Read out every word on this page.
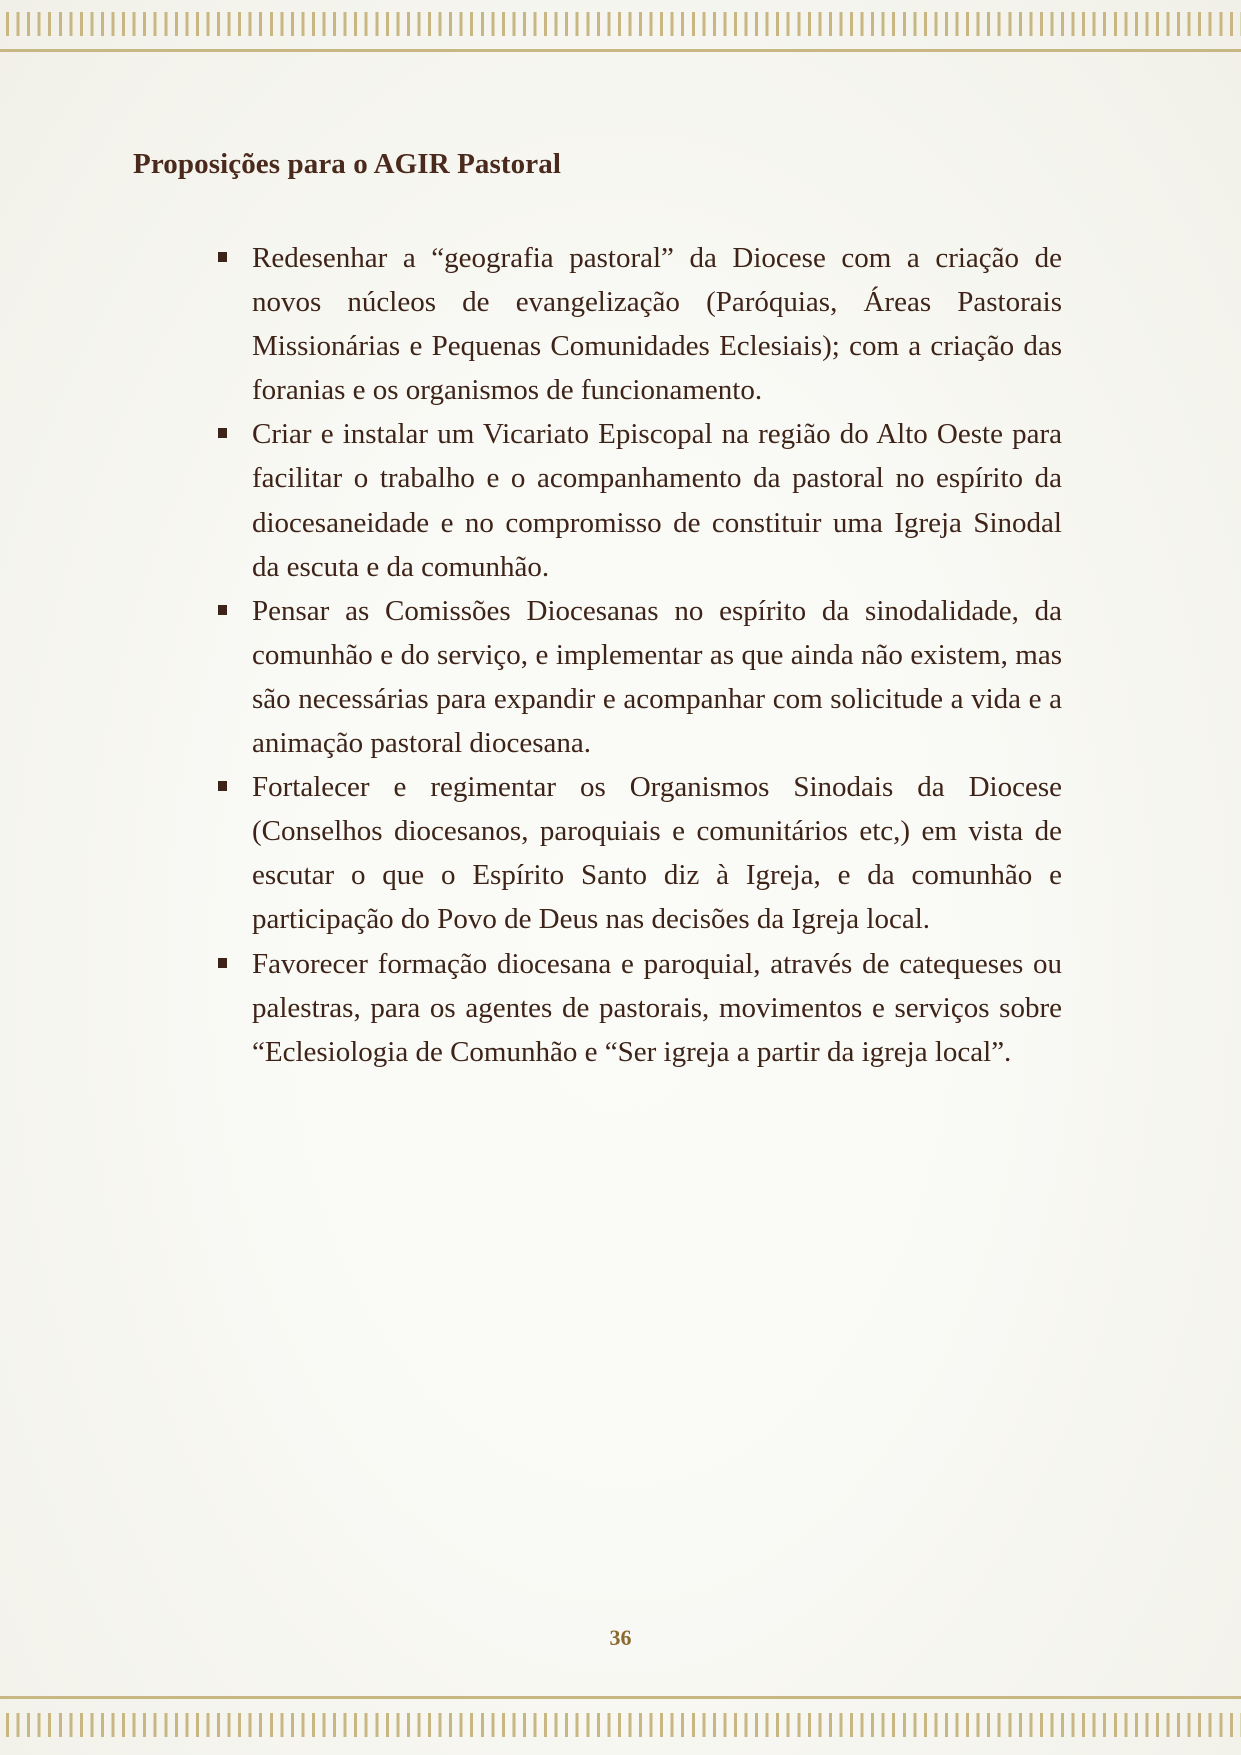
Proposições para o AGIR Pastoral
Redesenhar a “geografia pastoral” da Diocese com a criação de novos núcleos de evangelização (Paróquias, Áreas Pastorais Missionárias e Pequenas Comunidades Eclesiais); com a criação das foranias e os organismos de funcionamento.
Criar e instalar um Vicariato Episcopal na região do Alto Oeste para facilitar o trabalho e o acompanhamento da pastoral no espírito da diocesaneidade e no compromisso de constituir uma Igreja Sinodal da escuta e da comunhão.
Pensar as Comissões Diocesanas no espírito da sinodalidade, da comunhão e do serviço, e implementar as que ainda não existem, mas são necessárias para expandir e acompanhar com solicitude a vida e a animação pastoral diocesana.
Fortalecer e regimentar os Organismos Sinodais da Diocese (Conselhos diocesanos, paroquiais e comunitários etc,) em vista de escutar o que o Espírito Santo diz à Igreja, e da comunhão e participação do Povo de Deus nas decisões da Igreja local.
Favorecer formação diocesana e paroquial, através de catequeses ou palestras, para os agentes de pastorais, movimentos e serviços sobre “Eclesiologia de Comunhão e “Ser igreja a partir da igreja local”.
36
